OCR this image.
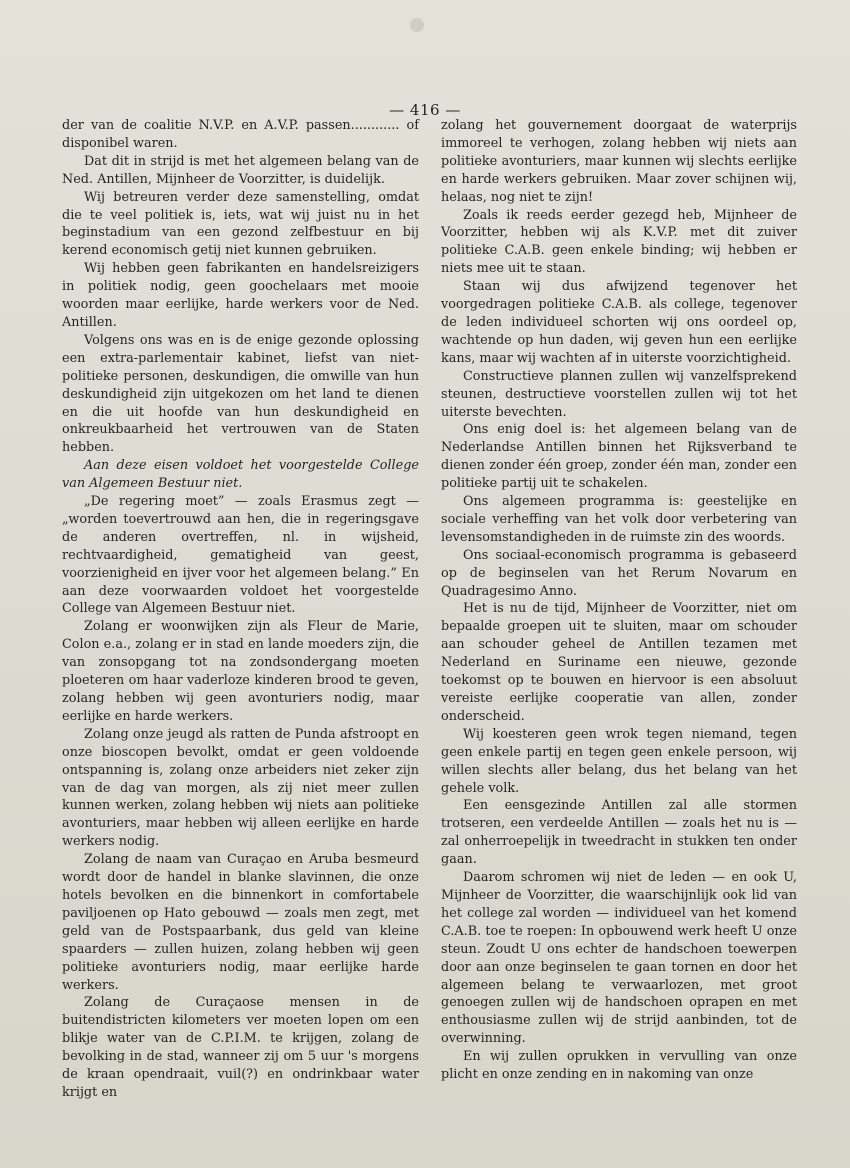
— 416 —

der van de coalitie N.V.P. en A.V.P. passen............ of disponibel waren.

Dat dit in strijd is met het algemeen belang van de Ned. Antillen, Mijnheer de Voorzitter, is duidelijk.

Wij betreuren verder deze samenstelling, omdat die te veel politiek is, iets, wat wij juist nu in het beginstadium van een gezond zelfbestuur en bij kerend economisch getij niet kunnen gebruiken.

Wij hebben geen fabrikanten en handelsreizigers in politiek nodig, geen goochelaars met mooie woorden maar eerlijke, harde werkers voor de Ned. Antillen.

Volgens ons was en is de enige gezonde oplossing een extra-parlementair kabinet, liefst van niet-politieke personen, deskundigen, die omwille van hun deskundigheid zijn uitgekozen om het land te dienen en die uit hoofde van hun deskundigheid en onkreukbaarheid het vertrouwen van de Staten hebben.

Aan deze eisen voldoet het voorgestelde College van Algemeen Bestuur niet.

„De regering moet” — zoals Erasmus zegt — „worden toevertrouwd aan hen, die in regeringsgave de anderen overtreffen, nl. in wijsheid, rechtvaardigheid, gematigheid van geest, voorzienigheid en ijver voor het algemeen belang.” En aan deze voorwaarden voldoet het voorgestelde College van Algemeen Bestuur niet.

Zolang er woonwijken zijn als Fleur de Marie, Colon e.a., zolang er in stad en lande moeders zijn, die van zonsopgang tot na zondsondergang moeten ploeteren om haar vaderloze kinderen brood te geven, zolang hebben wij geen avonturiers nodig, maar eerlijke en harde werkers.

Zolang onze jeugd als ratten de Punda afstroopt en onze bioscopen bevolkt, omdat er geen voldoende ontspanning is, zolang onze arbeiders niet zeker zijn van de dag van morgen, als zij niet meer zullen kunnen werken, zolang hebben wij niets aan politieke avonturiers, maar hebben wij alleen eerlijke en harde werkers nodig.

Zolang de naam van Curaçao en Aruba besmeurd wordt door de handel in blanke slavinnen, die onze hotels bevolken en die binnenkort in comfortabele paviljoenen op Hato gebouwd — zoals men zegt, met geld van de Postspaarbank, dus geld van kleine spaarders — zullen huizen, zolang hebben wij geen politieke avonturiers nodig, maar eerlijke harde werkers.

Zolang de Curaçaose mensen in de buitendistricten kilometers ver moeten lopen om een blikje water van de C.P.I.M. te krijgen, zolang de bevolking in de stad, wanneer zij om 5 uur 's morgens de kraan opendraait, vuil(?) en ondrinkbaar water krijgt en

zolang het gouvernement doorgaat de waterprijs immoreel te verhogen, zolang hebben wij niets aan politieke avonturiers, maar kunnen wij slechts eerlijke en harde werkers gebruiken. Maar zover schijnen wij, helaas, nog niet te zijn!

Zoals ik reeds eerder gezegd heb, Mijnheer de Voorzitter, hebben wij als K.V.P. met dit zuiver politieke C.A.B. geen enkele binding; wij hebben er niets mee uit te staan.

Staan wij dus afwijzend tegenover het voorgedragen politieke C.A.B. als college, tegenover de leden individueel schorten wij ons oordeel op, wachtende op hun daden, wij geven hun een eerlijke kans, maar wij wachten af in uiterste voorzichtigheid.

Constructieve plannen zullen wij vanzelfsprekend steunen, destructieve voorstellen zullen wij tot het uiterste bevechten.

Ons enig doel is: het algemeen belang van de Nederlandse Antillen binnen het Rijksverband te dienen zonder één groep, zonder één man, zonder een politieke partij uit te schakelen.

Ons algemeen programma is: geestelijke en sociale verheffing van het volk door verbetering van levensomstandigheden in de ruimste zin des woords.

Ons sociaal-economisch programma is gebaseerd op de beginselen van het Rerum Novarum en Quadragesimo Anno.

Het is nu de tijd, Mijnheer de Voorzitter, niet om bepaalde groepen uit te sluiten, maar om schouder aan schouder geheel de Antillen tezamen met Nederland en Suriname een nieuwe, gezonde toekomst op te bouwen en hiervoor is een absoluut vereiste eerlijke cooperatie van allen, zonder onderscheid.

Wij koesteren geen wrok tegen niemand, tegen geen enkele partij en tegen geen enkele persoon, wij willen slechts aller belang, dus het belang van het gehele volk.

Een eensgezinde Antillen zal alle stormen trotseren, een verdeelde Antillen — zoals het nu is — zal onherroepelijk in tweedracht in stukken ten onder gaan.

Daarom schromen wij niet de leden — en ook U, Mijnheer de Voorzitter, die waarschijnlijk ook lid van het college zal worden — individueel van het komend C.A.B. toe te roepen: In opbouwend werk heeft U onze steun. Zoudt U ons echter de handschoen toewerpen door aan onze beginselen te gaan tornen en door het algemeen belang te verwaarlozen, met groot genoegen zullen wij de handschoen oprapen en met enthousiasme zullen wij de strijd aanbinden, tot de overwinning.

En wij zullen oprukken in vervulling van onze plicht en onze zending en in nakoming van onze
